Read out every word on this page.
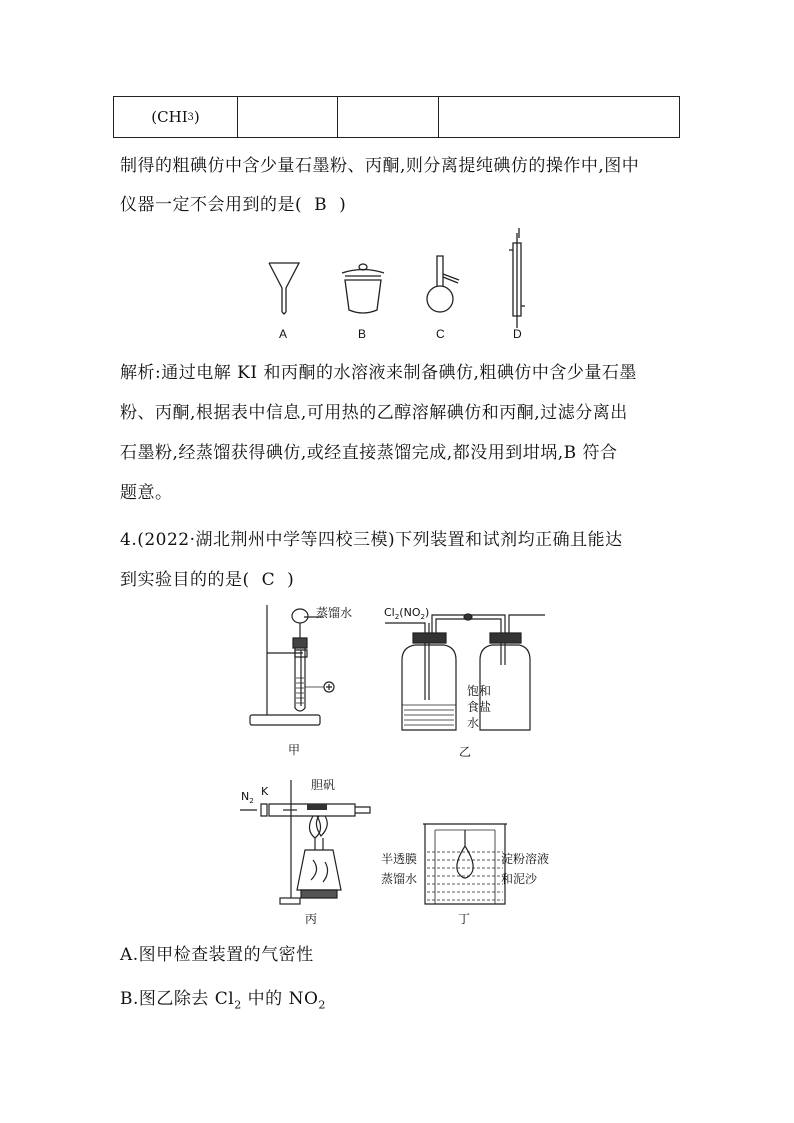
(CHI 3 )
制得的粗碘仿中含少量石墨粉、丙酮,则分离提纯碘仿的操作中,图中
仪器一定不会用到的是( B )
A	B	C	D
解析:通过电解 KI 和丙酮的水溶液来制备碘仿,粗碘仿中含少量石墨
粉、丙酮,根据表中信息,可用热的乙醇溶解碘仿和丙酮,过滤分离出
石墨粉,经蒸馏获得碘仿,或经直接蒸馏完成,都没用到坩埚,B 符合
题意。
4.(2022·湖北荆州中学等四校三模)下列装置和试剂均正确且能达
到实验目的的是( C )
蒸馏水
甲
$Cl_2(NO_2)$
饱和
食盐
水
乙
$N_2$
K	胆矾
丙
半透膜
蒸馏水
淀粉溶液
和泥沙
丁
A.图甲检查装置的气密性
B.图乙除去 $Cl_2$ 中的 $NO_2$
